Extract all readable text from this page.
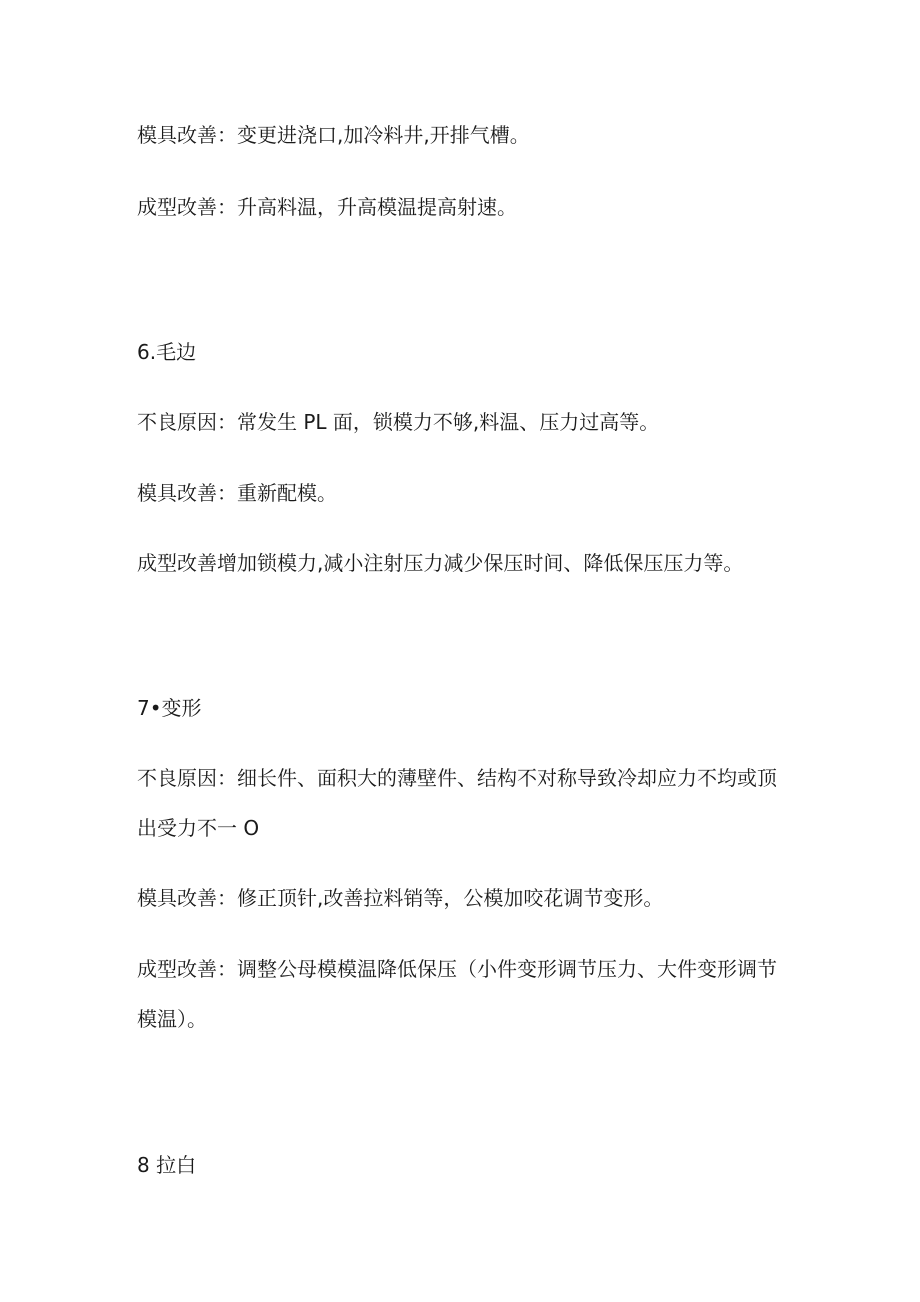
模具改善：变更进浇口,加冷料井,开排气槽。
成型改善：升高料温，升高模温提高射速。
6.毛边
不良原因：常发生 PL 面，锁模力不够,料温、压力过高等。
模具改善：重新配模。
成型改善增加锁模力,减小注射压力减少保压时间、降低保压压力等。
7•变形
不良原因：细长件、面积大的薄壁件、结构不对称导致冷却应力不均或顶
出受力不一 O
模具改善：修正顶针,改善拉料销等，公模加咬花调节变形。
成型改善：调整公母模模温降低保压（小件变形调节压力、大件变形调节
模温）。
8 拉白
